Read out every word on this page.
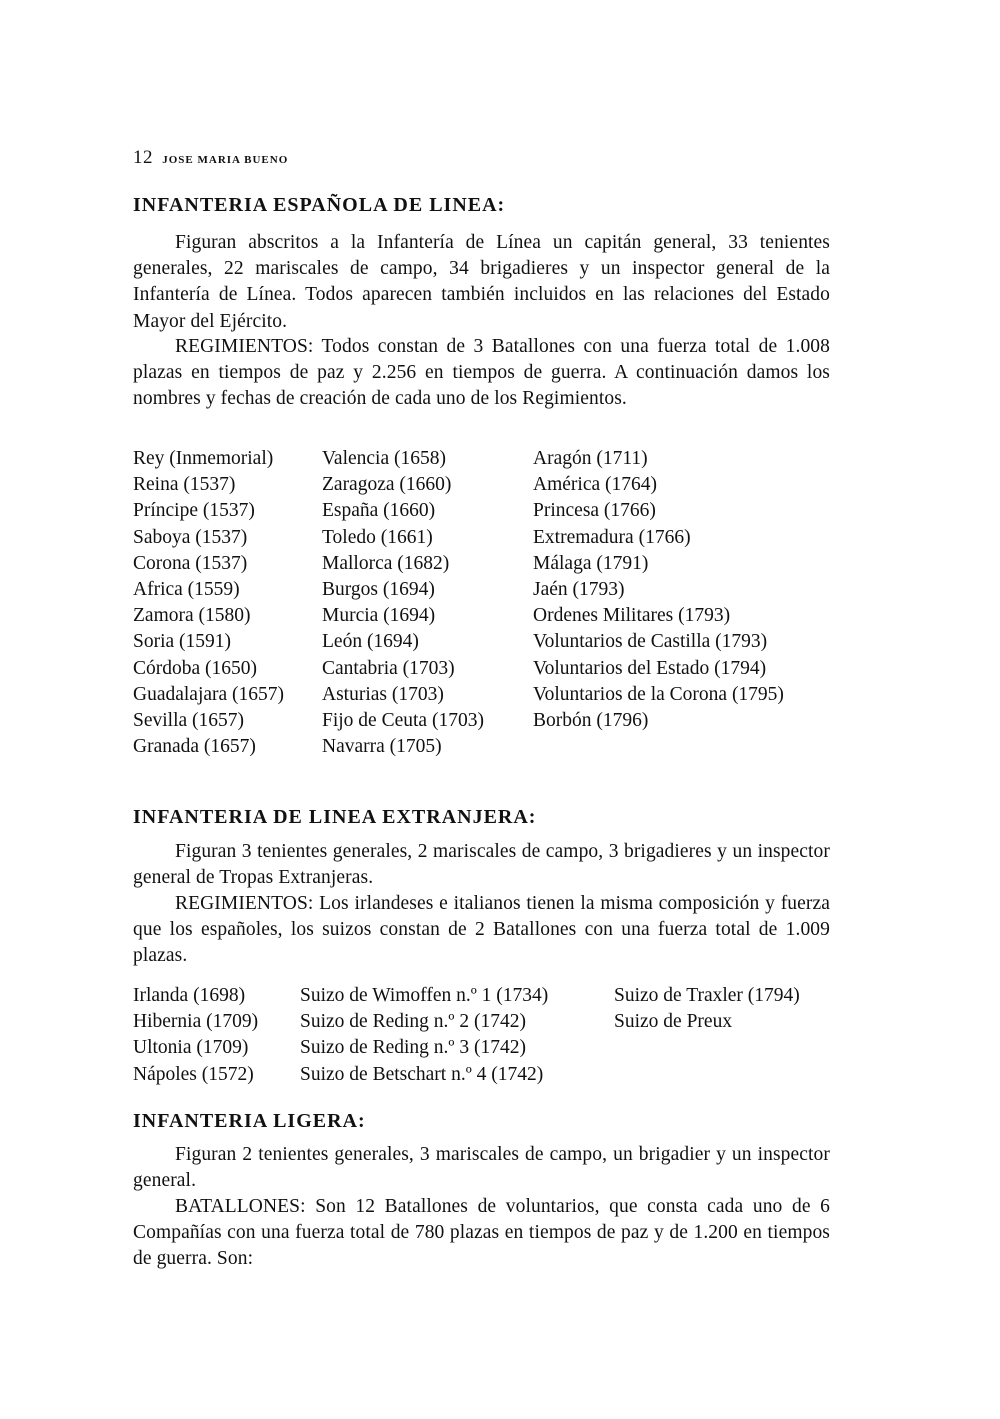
12 JOSE MARIA BUENO
INFANTERIA ESPAÑOLA DE LINEA:

Figuran abscritos a la Infantería de Línea un capitán general, 33 tenientes generales, 22 mariscales de campo, 34 brigadieres y un inspector general de la Infantería de Línea. Todos aparecen también incluidos en las relaciones del Estado Mayor del Ejército.

REGIMIENTOS: Todos constan de 3 Batallones con una fuerza total de 1.008 plazas en tiempos de paz y 2.256 en tiempos de guerra. A continuación damos los nombres y fechas de creación de cada uno de los Regimientos.

Rey (Inmemorial)
Reina (1537)
Príncipe (1537)
Saboya (1537)
Corona (1537)
Africa (1559)
Zamora (1580)
Soria (1591)
Córdoba (1650)
Guadalajara (1657)
Sevilla (1657)
Granada (1657)
Valencia (1658)
Zaragoza (1660)
España (1660)
Toledo (1661)
Mallorca (1682)
Burgos (1694)
Murcia (1694)
León (1694)
Cantabria (1703)
Asturias (1703)
Fijo de Ceuta (1703)
Navarra (1705)
Aragón (1711)
América (1764)
Princesa (1766)
Extremadura (1766)
Málaga (1791)
Jaén (1793)
Ordenes Militares (1793)
Voluntarios de Castilla (1793)
Voluntarios del Estado (1794)
Voluntarios de la Corona (1795)
Borbón (1796)
INFANTERIA DE LINEA EXTRANJERA:

Figuran 3 tenientes generales, 2 mariscales de campo, 3 brigadieres y un inspector general de Tropas Extranjeras.

REGIMIENTOS: Los irlandeses e italianos tienen la misma composición y fuerza que los españoles, los suizos constan de 2 Batallones con una fuerza total de 1.009 plazas.

Irlanda (1698)
Hibernia (1709)
Ultonia (1709)
Nápoles (1572)
Suizo de Wimoffen n.º 1 (1734)
Suizo de Reding n.º 2 (1742)
Suizo de Reding n.º 3 (1742)
Suizo de Betschart n.º 4 (1742)
Suizo de Traxler (1794)
Suizo de Preux
INFANTERIA LIGERA:

Figuran 2 tenientes generales, 3 mariscales de campo, un brigadier y un inspector general.

BATALLONES: Son 12 Batallones de voluntarios, que consta cada uno de 6 Compañías con una fuerza total de 780 plazas en tiempos de paz y de 1.200 en tiempos de guerra. Son:
